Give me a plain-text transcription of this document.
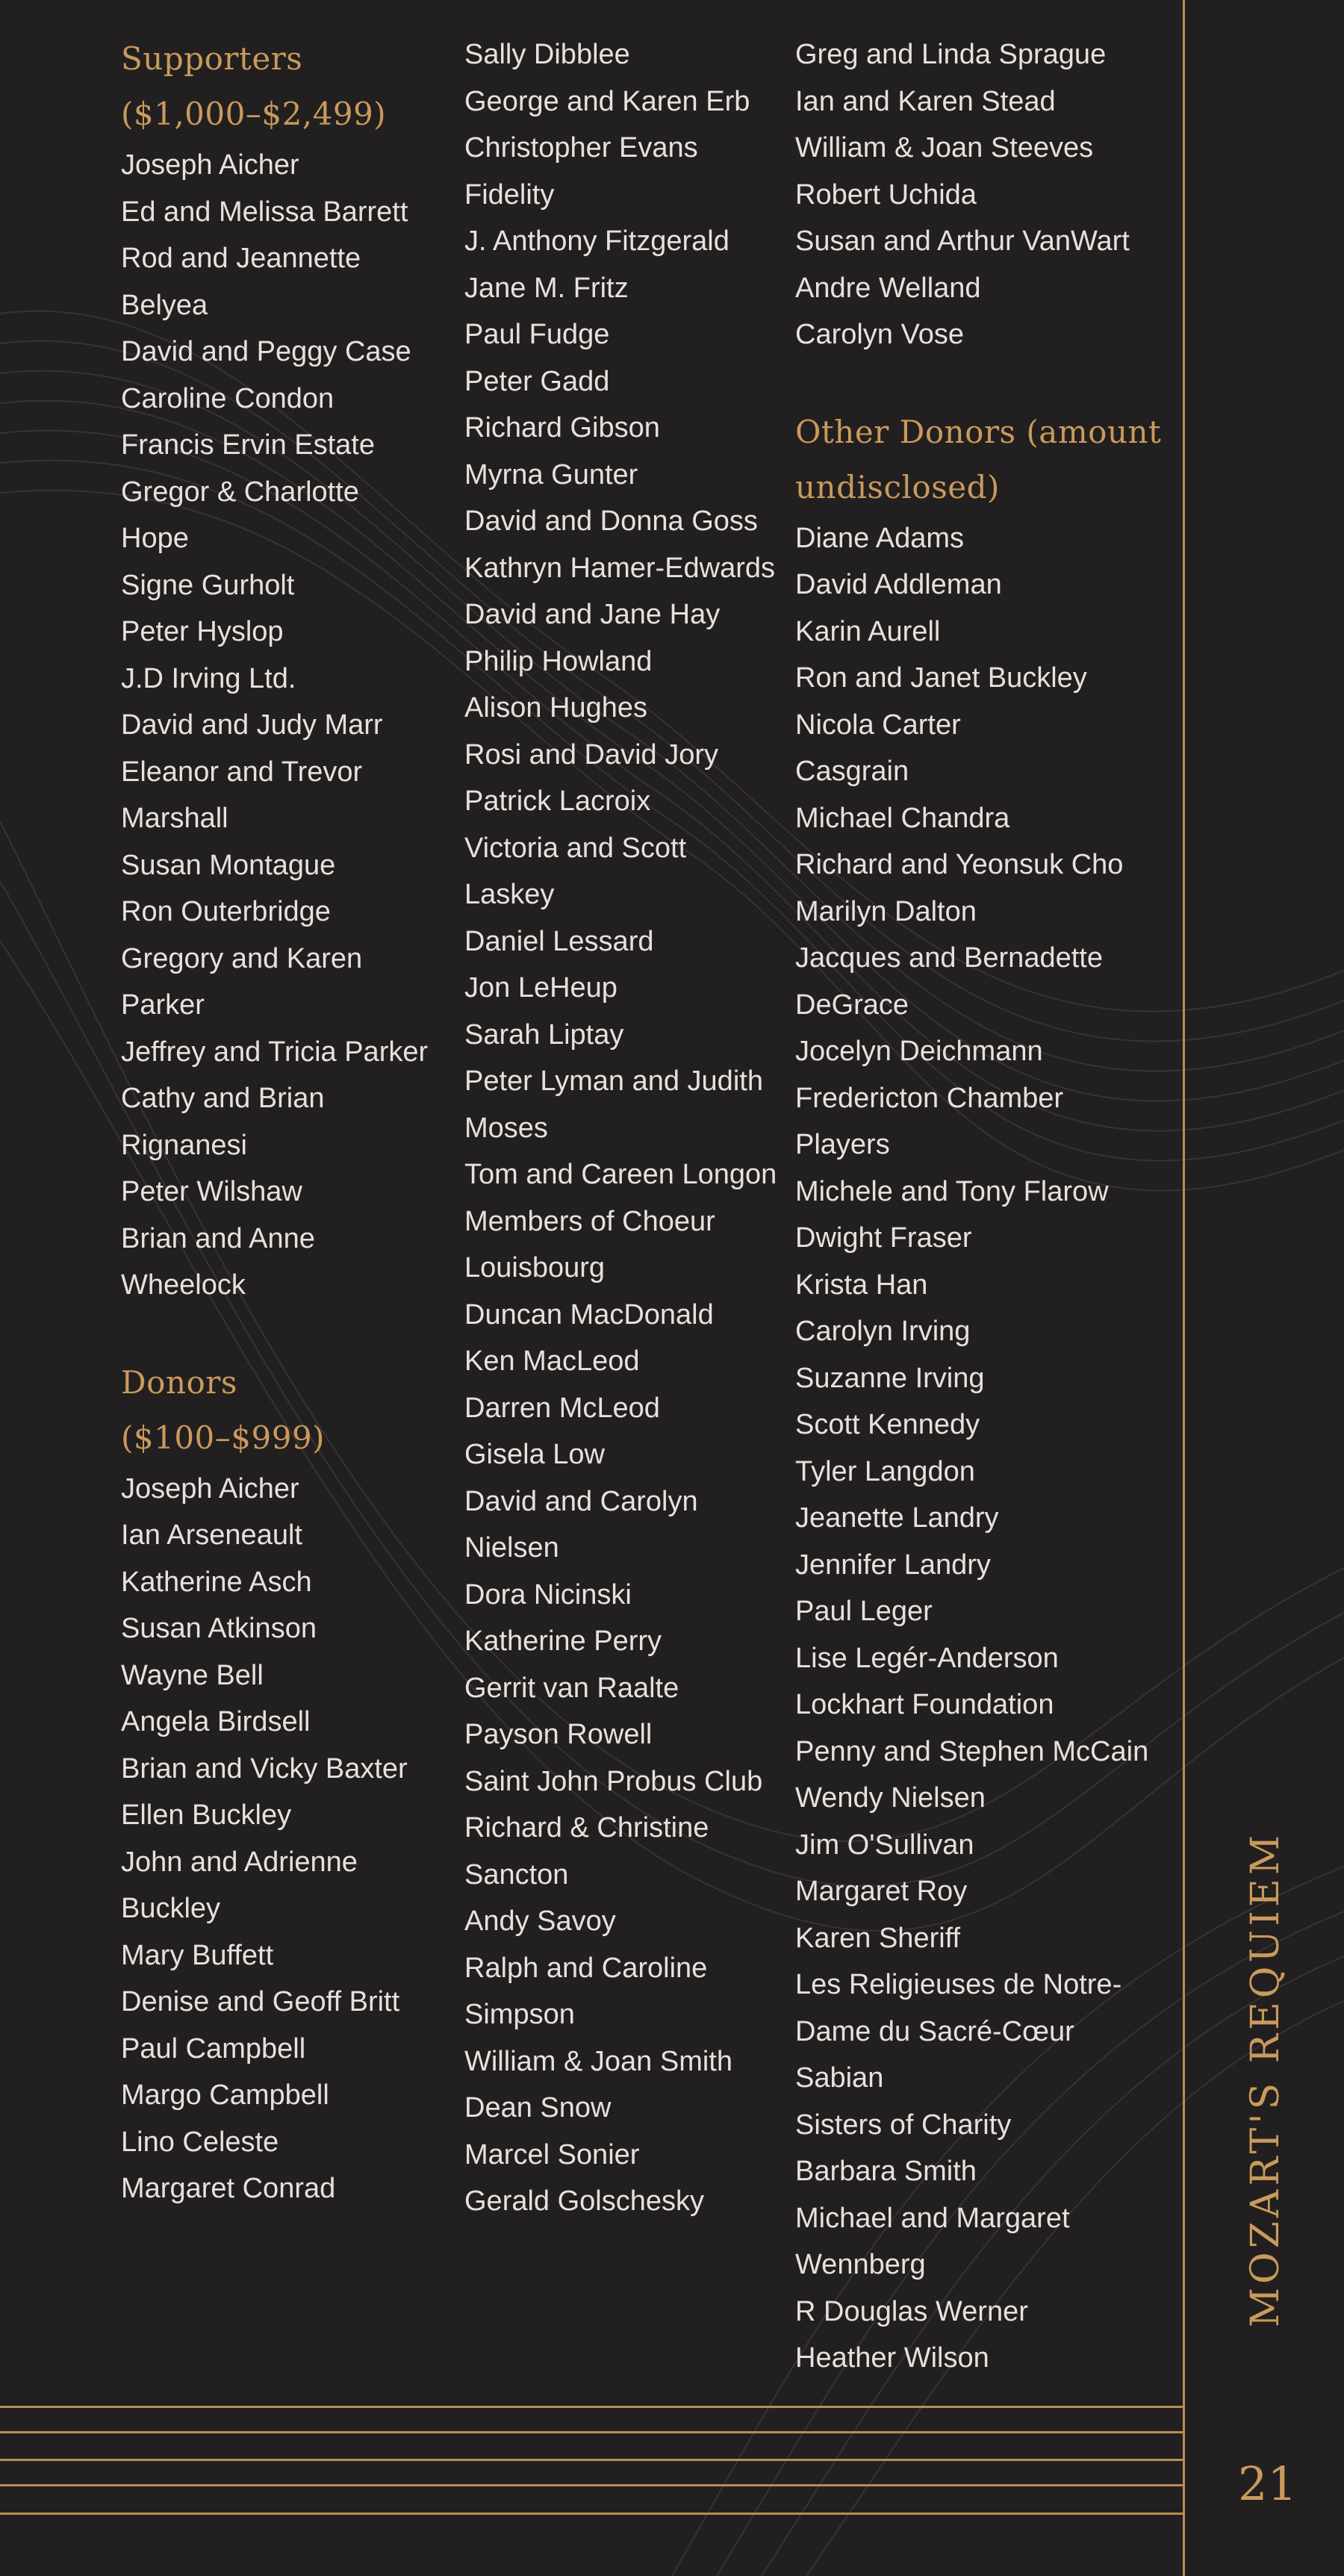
Supporters
($1,000–$2,499)
Joseph Aicher
Ed and Melissa Barrett
Rod and Jeannette Belyea
David and Peggy Case
Caroline Condon
Francis Ervin Estate
Gregor & Charlotte Hope
Signe Gurholt
Peter Hyslop
J.D Irving Ltd.
David and Judy Marr
Eleanor and Trevor Marshall
Susan Montague
Ron Outerbridge
Gregory and Karen Parker
Jeffrey and Tricia Parker
Cathy and Brian Rignanesi
Peter Wilshaw
Brian and Anne Wheelock
Donors
($100–$999)
Joseph Aicher
Ian Arseneault
Katherine Asch
Susan Atkinson
Wayne Bell
Angela Birdsell
Brian and Vicky Baxter
Ellen Buckley
John and Adrienne Buckley
Mary Buffett
Denise and Geoff Britt
Paul Campbell
Margo Campbell
Lino Celeste
Margaret Conrad
Sally Dibblee
George and Karen Erb
Christopher Evans
Fidelity
J. Anthony Fitzgerald
Jane M. Fritz
Paul Fudge
Peter Gadd
Richard Gibson
Myrna Gunter
David and Donna Goss
Kathryn Hamer-Edwards
David and Jane Hay
Philip Howland
Alison Hughes
Rosi and David Jory
Patrick Lacroix
Victoria and Scott Laskey
Daniel Lessard
Jon LeHeup
Sarah Liptay
Peter Lyman and Judith Moses
Tom and Careen Longon
Members of Choeur Louisbourg
Duncan MacDonald
Ken MacLeod
Darren McLeod
Gisela Low
David and Carolyn Nielsen
Dora Nicinski
Katherine Perry
Gerrit van Raalte
Payson Rowell
Saint John Probus Club
Richard & Christine Sancton
Andy Savoy
Ralph and Caroline Simpson
William & Joan Smith
Dean Snow
Marcel Sonier
Gerald Golschesky
Greg and Linda Sprague
Ian and Karen Stead
William & Joan Steeves
Robert Uchida
Susan and Arthur VanWart
Andre Welland
Carolyn Vose
Other Donors (amount undisclosed)
Diane Adams
David Addleman
Karin Aurell
Ron and Janet Buckley
Nicola Carter
Casgrain
Michael Chandra
Richard and Yeonsuk Cho
Marilyn Dalton
Jacques and Bernadette DeGrace
Jocelyn Deichmann
Fredericton Chamber Players
Michele and Tony Flarow
Dwight Fraser
Krista Han
Carolyn Irving
Suzanne Irving
Scott Kennedy
Tyler Langdon
Jeanette Landry
Jennifer Landry
Paul Leger
Lise Legér-Anderson
Lockhart Foundation
Penny and Stephen McCain
Wendy Nielsen
Jim O'Sullivan
Margaret Roy
Karen Sheriff
Les Religieuses de Notre-Dame du Sacré-Cœur
Sabian
Sisters of Charity
Barbara Smith
Michael and Margaret Wennberg
R Douglas Werner
Heather Wilson
MOZART'S REQUIEM
21
